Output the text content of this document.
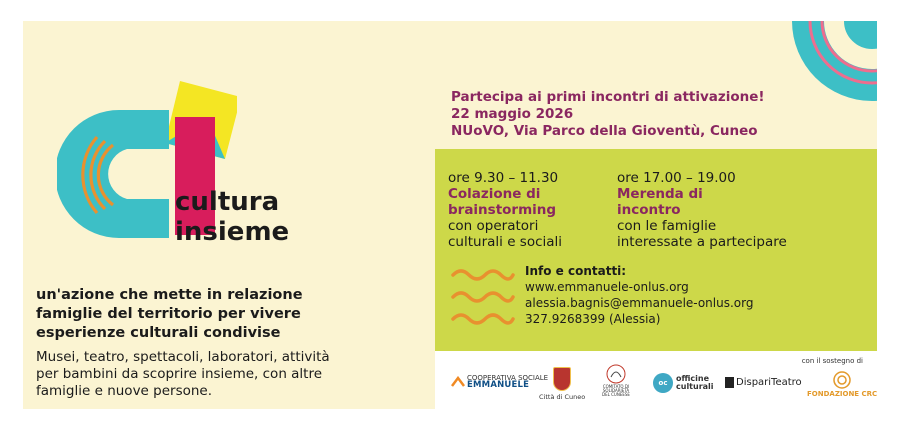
cultura
insieme
un'azione che mette in relazione
famiglie del territorio per vivere
esperienze culturali condivise
Musei, teatro, spettacoli, laboratori, attività
per bambini da scoprire insieme, con altre
famiglie e nuove persone.
Partecipa ai primi incontri di attivazione!
22 maggio 2026
NUoVO, Via Parco della Gioventù, Cuneo
ore 9.30 – 11.30
Colazione di
brainstorming
con operatori
culturali e sociali
ore 17.00 – 19.00
Merenda di
incontro
con le famiglie
interessate a partecipare
Info e contatti:
www.emmanuele-onlus.org
alessia.bagnis@emmanuele-onlus.org
327.9268399 (Alessia)
con il sostegno di
COOPERATIVA SOCIALE
EMMANUELE
Città di Cuneo
COMITATO DI SOLIDARIETÀ DEL CUNEESE
oc	officine
culturali DispariTeatro
FONDAZIONE CRC
